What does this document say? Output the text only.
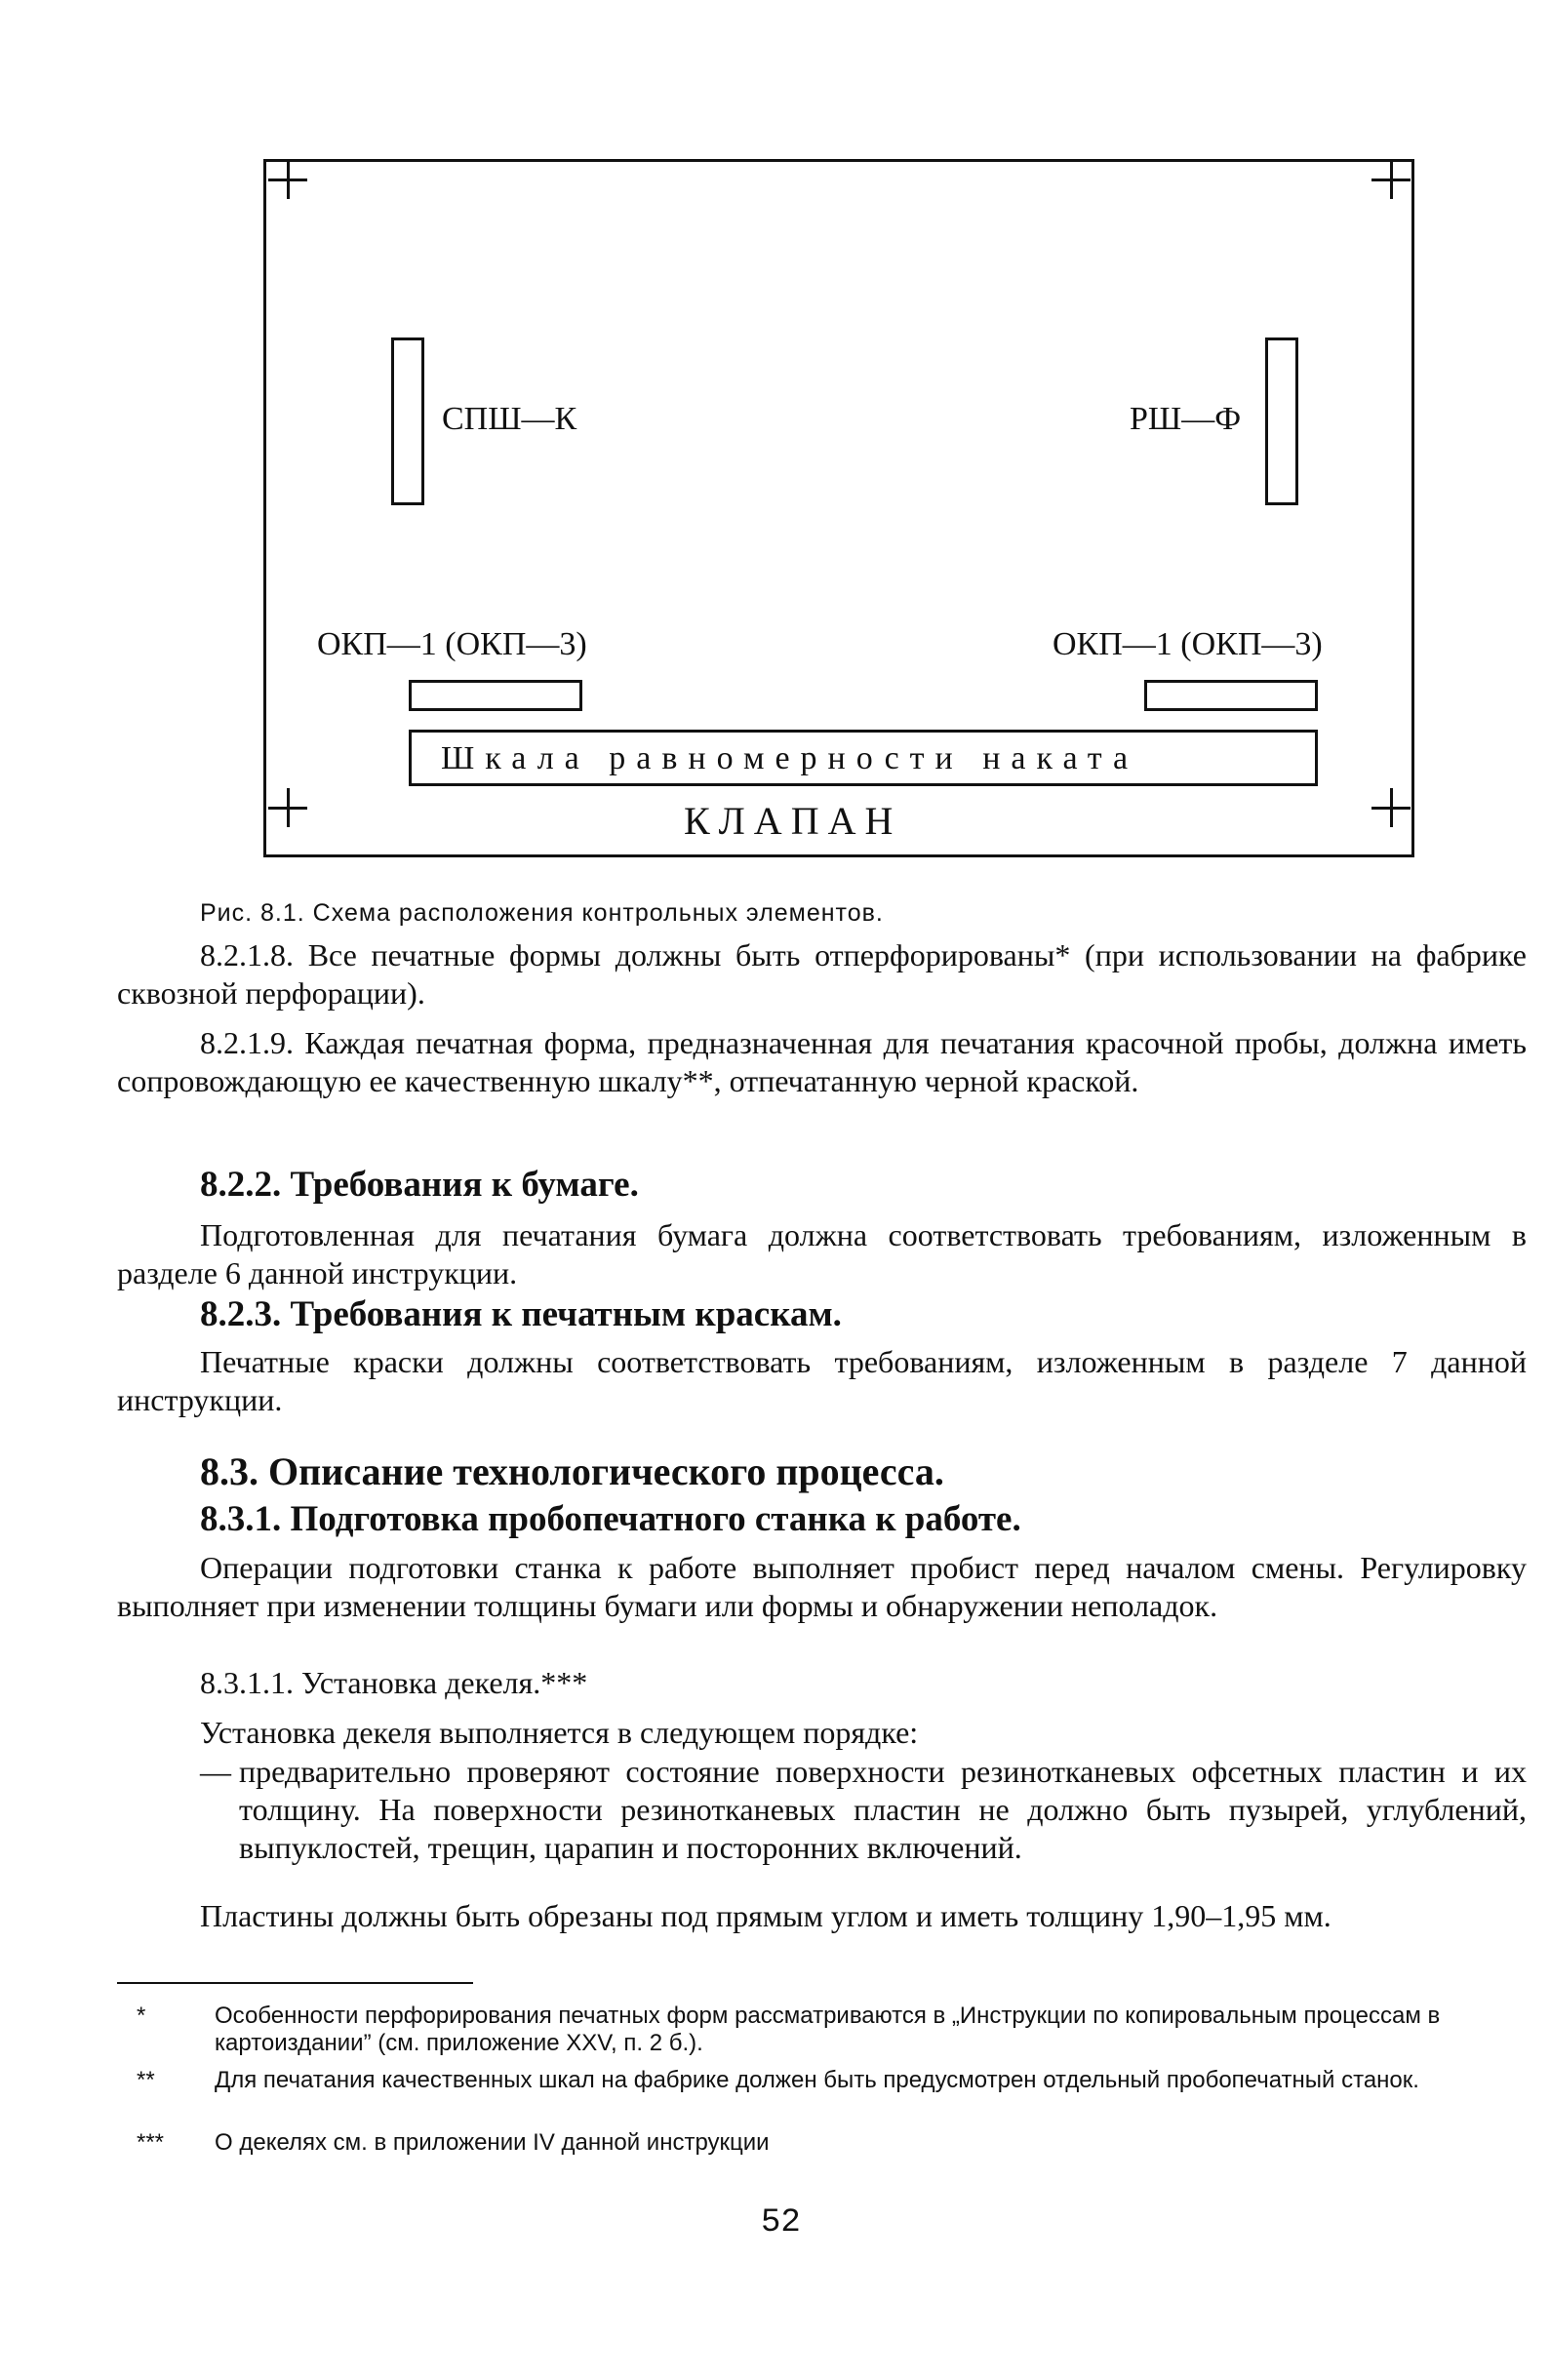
СПШ—К	РШ—Ф
ОКП—1 (ОКП—3)	ОКП—1 (ОКП—3)
Шкала равномерности наката
КЛАПАН
Рис. 8.1. Схема расположения контрольных элементов.
8.2.1.8. Все печатные формы должны быть отперфорированы* (при использовании на фабрике сквозной перфорации).
8.2.1.9. Каждая печатная форма, предназначенная для печатания красочной пробы, должна иметь сопровождающую ее качественную шкалу**, отпечатанную черной краской.
8.2.2. Требования к бумаге.
Подготовленная для печатания бумага должна соответствовать требованиям, изложенным в разделе 6 данной инструкции.
8.2.3. Требования к печатным краскам.
Печатные краски должны соответствовать требованиям, изложенным в разделе 7 данной инструкции.
8.3. Описание технологического процесса.
8.3.1. Подготовка пробопечатного станка к работе.
Операции подготовки станка к работе выполняет пробист перед началом смены. Регулировку выполняет при изменении толщины бумаги или формы и обнаружении неполадок.
8.3.1.1. Установка декеля.***
Установка декеля выполняется в следующем порядке:
— предварительно проверяют состояние поверхности резинотканевых офсетных пластин и их толщину. На поверхности резинотканевых пластин не должно быть пузырей, углублений, выпуклостей, трещин, царапин и посторонних включений.
Пластины должны быть обрезаны под прямым углом и иметь толщину 1,90–1,95 мм.
*	Особенности перфорирования печатных форм рассматриваются в „Инструкции по копировальным процессам в картоиздании” (см. приложение XXV, п. 2 б.).
**	Для печатания качественных шкал на фабрике должен быть предусмотрен отдельный пробопечатный станок.
*** О декелях см. в приложении IV данной инструкции
52
